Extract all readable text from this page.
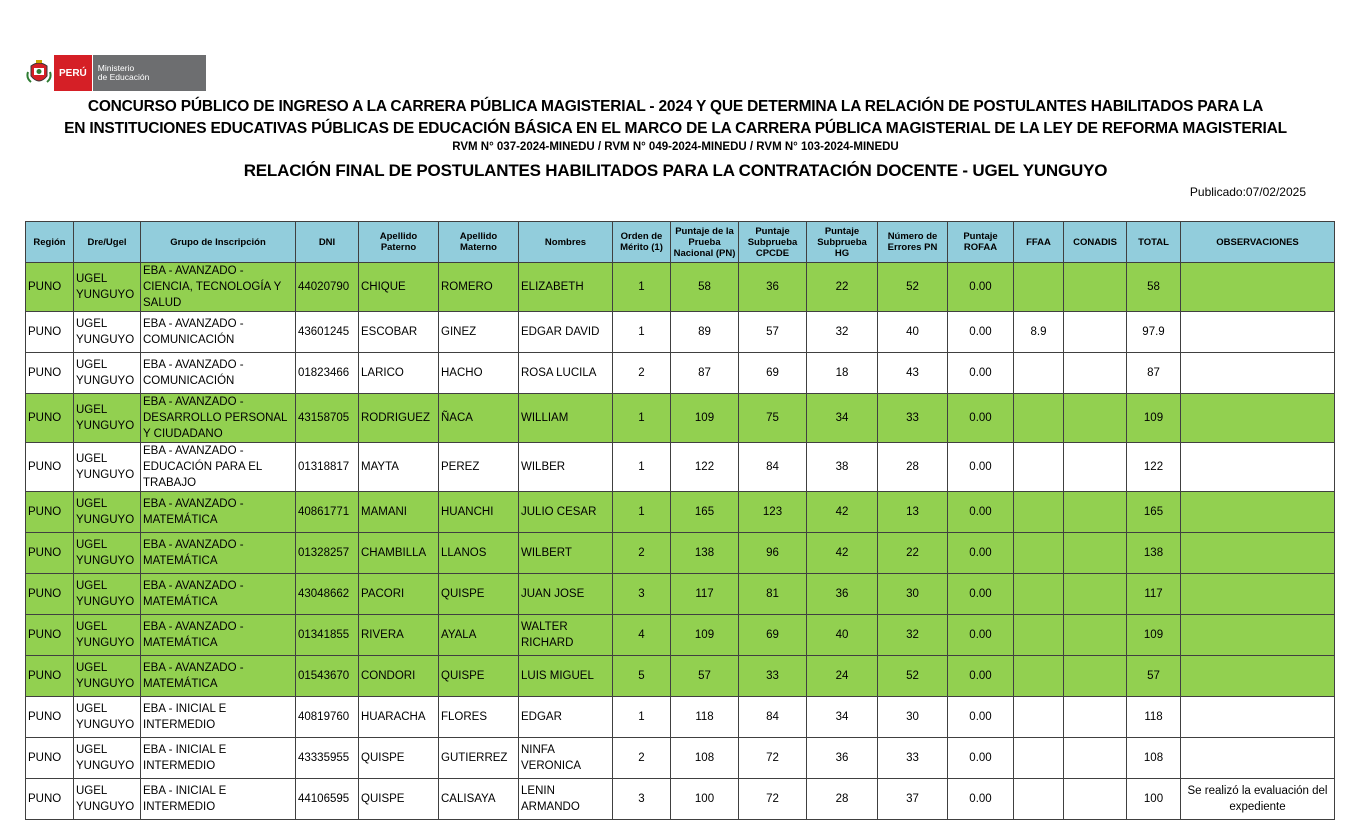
PERÚ	Ministerio
de Educación
CONCURSO PÚBLICO DE INGRESO A LA CARRERA PÚBLICA MAGISTERIAL - 2024 Y QUE DETERMINA LA RELACIÓN DE POSTULANTES HABILITADOS PARA LA
EN INSTITUCIONES EDUCATIVAS PÚBLICAS DE EDUCACIÓN BÁSICA EN EL MARCO DE LA CARRERA PÚBLICA MAGISTERIAL DE LA LEY DE REFORMA MAGISTERIAL
RVM N° 037-2024-MINEDU / RVM N° 049-2024-MINEDU / RVM N° 103-2024-MINEDU
RELACIÓN FINAL DE POSTULANTES HABILITADOS PARA LA CONTRATACIÓN DOCENTE - UGEL YUNGUYO
Publicado:07/02/2025
Región	Dre/Ugel	Grupo de Inscripción	DNI	Apellido Paterno	Apellido Materno	Nombres	Orden de Mérito (1)	Puntaje de la Prueba Nacional (PN)	Puntaje Subprueba CPCDE	Puntaje Subprueba HG	Número de Errores PN	Puntaje ROFAA	FFAA	CONADIS	TOTAL	OBSERVACIONES
PUNO	UGEL YUNGUYO	EBA - AVANZADO - CIENCIA, TECNOLOGÍA Y SALUD	44020790	CHIQUE	ROMERO	ELIZABETH	1	58	36	22	52	0.00			58	
PUNO	UGEL YUNGUYO	EBA - AVANZADO - COMUNICACIÓN	43601245	ESCOBAR	GINEZ	EDGAR DAVID	1	89	57	32	40	0.00	8.9		97.9	
PUNO	UGEL YUNGUYO	EBA - AVANZADO - COMUNICACIÓN	01823466	LARICO	HACHO	ROSA LUCILA	2	87	69	18	43	0.00			87	
PUNO	UGEL YUNGUYO	EBA - AVANZADO - DESARROLLO PERSONAL Y CIUDADANO	43158705	RODRIGUEZ	ÑACA	WILLIAM	1	109	75	34	33	0.00			109	
PUNO	UGEL YUNGUYO	EBA - AVANZADO - EDUCACIÓN PARA EL TRABAJO	01318817	MAYTA	PEREZ	WILBER	1	122	84	38	28	0.00			122	
PUNO	UGEL YUNGUYO	EBA - AVANZADO - MATEMÁTICA	40861771	MAMANI	HUANCHI	JULIO CESAR	1	165	123	42	13	0.00			165	
PUNO	UGEL YUNGUYO	EBA - AVANZADO - MATEMÁTICA	01328257	CHAMBILLA	LLANOS	WILBERT	2	138	96	42	22	0.00			138	
PUNO	UGEL YUNGUYO	EBA - AVANZADO - MATEMÁTICA	43048662	PACORI	QUISPE	JUAN JOSE	3	117	81	36	30	0.00			117	
PUNO	UGEL YUNGUYO	EBA - AVANZADO - MATEMÁTICA	01341855	RIVERA	AYALA	WALTER RICHARD	4	109	69	40	32	0.00			109	
PUNO	UGEL YUNGUYO	EBA - AVANZADO - MATEMÁTICA	01543670	CONDORI	QUISPE	LUIS MIGUEL	5	57	33	24	52	0.00			57	
PUNO	UGEL YUNGUYO	EBA - INICIAL E INTERMEDIO	40819760	HUARACHA	FLORES	EDGAR	1	118	84	34	30	0.00			118	
PUNO	UGEL YUNGUYO	EBA - INICIAL E INTERMEDIO	43335955	QUISPE	GUTIERREZ	NINFA VERONICA	2	108	72	36	33	0.00			108	
PUNO	UGEL YUNGUYO	EBA - INICIAL E INTERMEDIO	44106595	QUISPE	CALISAYA	LENIN ARMANDO	3	100	72	28	37	0.00			100	Se realizó la evaluación del expediente
